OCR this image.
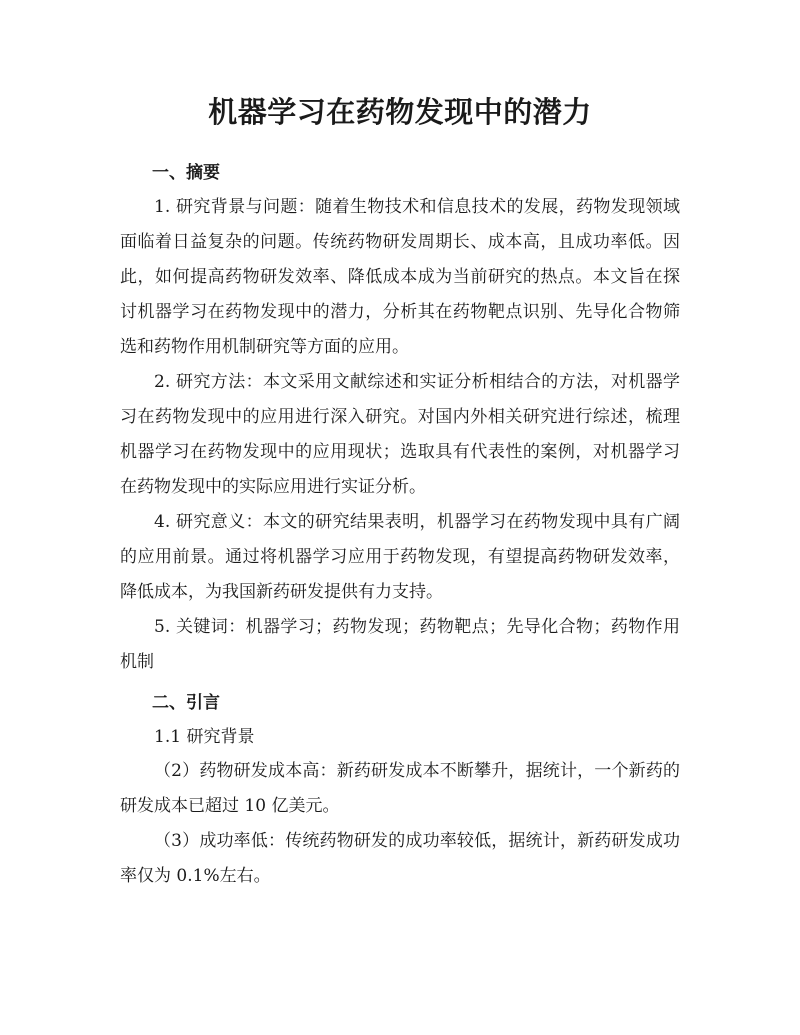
机器学习在药物发现中的潜力
一、摘要

1. 研究背景与问题：随着生物技术和信息技术的发展，药物发现领域面临着日益复杂的问题。传统药物研发周期长、成本高，且成功率低。因此，如何提高药物研发效率、降低成本成为当前研究的热点。本文旨在探讨机器学习在药物发现中的潜力，分析其在药物靶点识别、先导化合物筛选和药物作用机制研究等方面的应用。

2. 研究方法：本文采用文献综述和实证分析相结合的方法，对机器学习在药物发现中的应用进行深入研究。对国内外相关研究进行综述，梳理机器学习在药物发现中的应用现状；选取具有代表性的案例，对机器学习在药物发现中的实际应用进行实证分析。

4. 研究意义：本文的研究结果表明，机器学习在药物发现中具有广阔的应用前景。通过将机器学习应用于药物发现，有望提高药物研发效率，降低成本，为我国新药研发提供有力支持。

5. 关键词：机器学习；药物发现；药物靶点；先导化合物；药物作用机制

二、引言

1.1 研究背景

（2）药物研发成本高：新药研发成本不断攀升，据统计，一个新药的研发成本已超过 10 亿美元。

（3）成功率低：传统药物研发的成功率较低，据统计，新药研发成功率仅为 0.1%左右。
